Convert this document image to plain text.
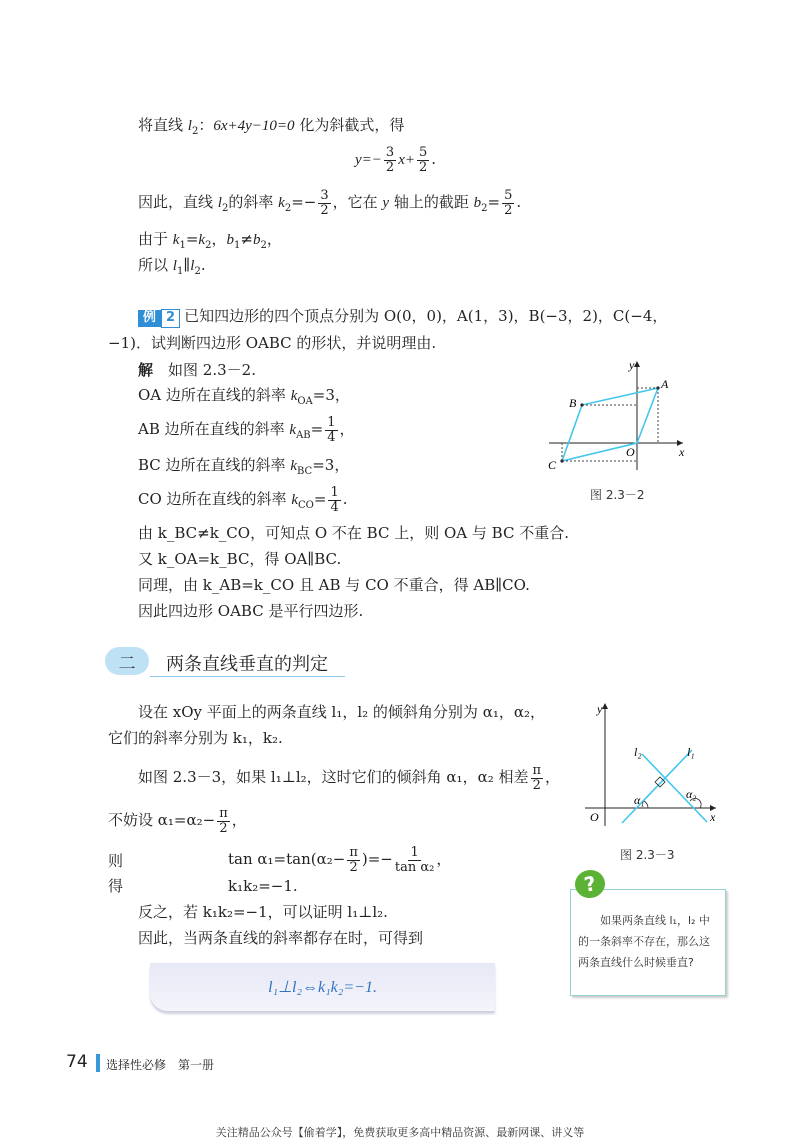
将直线 $l_2$：6x+4y−10=0 化为斜截式，得
$y=- \frac{3}{2} x+ \frac{5}{2}$ .
因此，直线 $l_2$的斜率 $k_2=- \frac{3}{2}$ ，它在 y 轴上的截距 $b_2= \frac{5}{2}$ .
由于 $k_1=k_2$，$b_1\ne b_2$，
所以 $l_1\parallel l_2$.
例 2 已知四边形的四个顶点分别为 O(0，0)，A(1，3)，B(−3，2)，C(−4，
−1)．试判断四边形 OABC 的形状，并说明理由.
解　 如图 2.3－2.
OA 边所在直线的斜率 $k_{OA}=3$，
AB 边所在直线的斜率 $k_{AB}= \frac{1}{4}$ ，
BC 边所在直线的斜率 $k_{BC}=3$，
CO 边所在直线的斜率 $k_{CO}= \frac{1}{4}$ .
由 k_BC≠k_CO，可知点 O 不在 BC 上，则 OA 与 BC 不重合.
又 k_OA=k_BC，得 OA∥BC.
同理，由 k_AB=k_CO 且 AB 与 CO 不重合，得 AB∥CO.
因此四边形 OABC 是平行四边形.
y
x
A
B
C
O
图 2.3－2
二	两条直线垂直的判定
设在 xOy 平面上的两条直线 l₁，l₂ 的倾斜角分别为 α₁，α₂，
它们的斜率分别为 k₁，k₂.
如图 2.3－3，如果 l₁⊥l₂，这时它们的倾斜角 α₁，α₂ 相差 $\frac{\pi}{2}$ ，
不妨设 $\alpha_1=\alpha_2- \frac{\pi}{2}$ ，
则	$\tan \alpha_1=\tan(\alpha_2- \frac{\pi}{2}$ )=− $\frac{1}{\text{tan α₂}}$ ，
得	k₁k₂=−1.
反之，若 k₁k₂=−1，可以证明 l₁⊥l₂.
因此，当两条直线的斜率都存在时，可得到
l₁⊥l₂⇔k₁k₂=−1.
y
x
O
l₁
l₂
α₁	α₂
图 2.3－3
?
如果两条直线 l₁，l₂ 中的一条斜率不存在，那么这两条直线什么时候垂直?
74 选择性必修　第一册
关注精品公众号【偷着学】，免费获取更多高中精品资源、最新网课、讲义等
